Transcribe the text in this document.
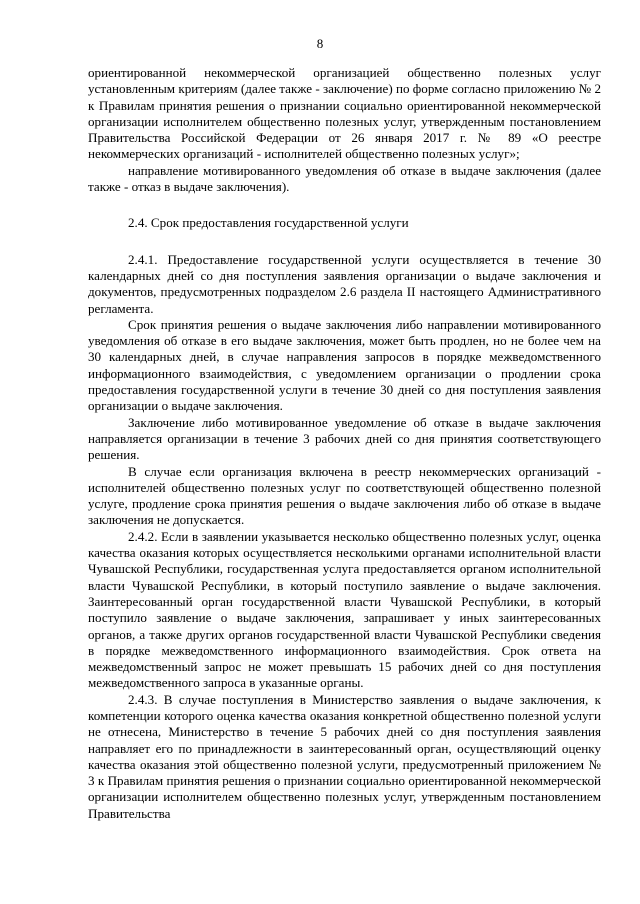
8

ориентированной некоммерческой организацией общественно полезных услуг установленным критериям (далее также - заключение) по форме согласно приложению № 2 к Правилам принятия решения о признании социально ориентированной некоммерческой организации исполнителем общественно полезных услуг, утвержденным постановлением Правительства Российской Федерации от 26 января 2017 г. № 89 «О реестре некоммерческих организаций - исполнителей общественно полезных услуг»;

направление мотивированного уведомления об отказе в выдаче заключения (далее также - отказ в выдаче заключения).

2.4. Срок предоставления государственной услуги

2.4.1. Предоставление государственной услуги осуществляется в течение 30 календарных дней со дня поступления заявления организации о выдаче заключения и документов, предусмотренных подразделом 2.6 раздела II настоящего Административного регламента.

Срок принятия решения о выдаче заключения либо направлении мотивированного уведомления об отказе в его выдаче заключения, может быть продлен, но не более чем на 30 календарных дней, в случае направления запросов в порядке межведомственного информационного взаимодействия, с уведомлением организации о продлении срока предоставления государственной услуги в течение 30 дней со дня поступления заявления организации о выдаче заключения.

Заключение либо мотивированное уведомление об отказе в выдаче заключения направляется организации в течение 3 рабочих дней со дня принятия соответствующего решения.

В случае если организация включена в реестр некоммерческих организаций - исполнителей общественно полезных услуг по соответствующей общественно полезной услуге, продление срока принятия решения о выдаче заключения либо об отказе в выдаче заключения не допускается.

2.4.2. Если в заявлении указывается несколько общественно полезных услуг, оценка качества оказания которых осуществляется несколькими органами исполнительной власти Чувашской Республики, государственная услуга предоставляется органом исполнительной власти Чувашской Республики, в который поступило заявление о выдаче заключения. Заинтересованный орган государственной власти Чувашской Республики, в который поступило заявление о выдаче заключения, запрашивает у иных заинтересованных органов, а также других органов государственной власти Чувашской Республики сведения в порядке межведомственного информационного взаимодействия. Срок ответа на межведомственный запрос не может превышать 15 рабочих дней со дня поступления межведомственного запроса в указанные органы.

2.4.3. В случае поступления в Министерство заявления о выдаче заключения, к компетенции которого оценка качества оказания конкретной общественно полезной услуги не отнесена, Министерство в течение 5 рабочих дней со дня поступления заявления направляет его по принадлежности в заинтересованный орган, осуществляющий оценку качества оказания этой общественно полезной услуги, предусмотренный приложением № 3 к Правилам принятия решения о признании социально ориентированной некоммерческой организации исполнителем общественно полезных услуг, утвержденным постановлением Правительства
